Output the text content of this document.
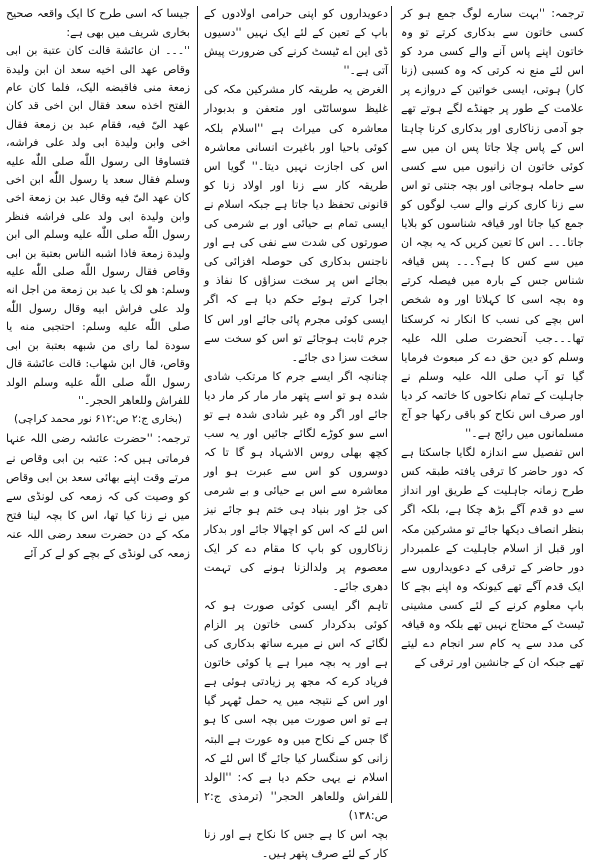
ترجمہ: ''بہت سارے لوگ جمع ہو کر کسی خاتون سے بدکاری کرتے تو وہ خاتون اپنے پاس آنے والے کسی مرد کو اس لئے منع نہ کرتی کہ وہ کسبی (زنا کار) ہوتی، ایسی خواتین کے دروازے پر علامت کے طور پر جھنڈے لگے ہوتے تھے جو آدمی زناکاری اور بدکاری کرنا چاہتا اس کے پاس چلا جاتا پس ان میں سے کوئی خاتون ان زانیوں میں سے کسی سے حاملہ ہوجاتی اور بچہ جنتی تو اس سے زنا کاری کرنے والے سب لوگوں کو جمع کیا جاتا اور قیافہ شناسوں کو بلایا جاتا۔۔۔ اس کا تعین کریں کہ یہ بچہ ان میں سے کس کا ہے؟۔۔۔ پس قیافہ شناس جس کے بارہ میں فیصلہ کرتے وہ بچہ اسی کا کہلاتا اور وہ شخص اس بچے کی نسب کا انکار نہ کرسکتا تھا۔۔۔جب آنحضرت صلی اللہ علیہ وسلم کو دین حق دے کر مبعوث فرمایا گیا تو آپ صلی اللہ علیہ وسلم نے جاہلیت کے تمام نکاحوں کا خاتمہ کر دیا اور صرف اس نکاح کو باقی رکھا جو آج مسلمانوں میں رائج ہے۔''

اس تفصیل سے اندازہ لگایا جاسکتا ہے کہ دور حاضر کا ترقی یافتہ طبقہ کس طرح زمانہ جاہلیت کے طریق اور انداز سے دو قدم آگے بڑھ چکا ہے، بلکہ اگر بنظر انصاف دیکھا جائے تو مشرکین مکہ اور قبل از اسلام جاہلیت کے علمبردار دور حاضر کے ترقی کے دعویداروں سے ایک قدم آگے تھے کیونکہ وہ اپنے بچے کا باپ معلوم کرنے کے لئے کسی مشینی ٹیسٹ کے محتاج نہیں تھے بلکہ وہ قیافہ کی مدد سے یہ کام سر انجام دے لیتے تھے جبکہ ان کے جانشین اور ترقی کے

دعویداروں کو اپنی حرامی اولادوں کے باپ کے تعین کے لئے ایک نہیں ''دسیوں ڈی این اے ٹیسٹ کرنے کی ضرورت پیش آتی ہے۔''

الغرض یہ طریقہ کار مشرکین مکہ کی غلیظ سوسائٹی اور متعفن و بدبودار معاشرہ کی میراث ہے ''اسلام بلکہ کوئی باحیا اور باغیرت انسانی معاشرہ اس کی اجازت نہیں دیتا۔'' گویا اس طریقہ کار سے زنا اور اولاد زنا کو قانونی تحفظ دیا جاتا ہے جبکہ اسلام نے ایسی تمام بے حیائی اور بے شرمی کی صورتوں کی شدت سے نفی کی ہے اور ناجنس بدکاری کی حوصلہ افزائی کی بجائے اس پر سخت سزاؤں کا نفاذ و اجرا کرتے ہوئے حکم دیا ہے کہ اگر ایسی کوئی مجرم پائی جائے اور اس کا جرم ثابت ہوجائے تو اس کو سخت سے سخت سزا دی جائے۔

چنانچہ اگر ایسے جرم کا مرتکب شادی شدہ ہو تو اسے پتھر مار مار کر مار دیا جائے اور اگر وہ غیر شادی شدہ ہے تو اسے سو کوڑے لگائے جائیں اور یہ سب کچھ بھلی روس الاشہاد ہو گا تا کہ دوسروں کو اس سے عبرت ہو اور معاشرہ سے اس بے حیائی و بے شرمی کی جڑ اور بنیاد ہی ختم ہو جائے نیز اس لئے کہ اس کو اچھالا جائے اور بدکار زناکاروں کو باپ کا مقام دے کر ایک معصوم پر ولدالزنا ہونے کی تہمت دھری جائے۔

تاہم اگر ایسی کوئی صورت ہو کہ کوئی بدکردار کسی خاتون پر الزام لگائے کہ اس نے میرے ساتھ بدکاری کی ہے اور یہ بچہ میرا ہے یا کوئی خاتون فریاد کرے کہ مجھ پر زیادتی ہوئی ہے اور اس کے نتیجہ میں یہ حمل ٹھہر گیا ہے تو اس صورت میں بچہ اسی کا ہو گا جس کے نکاح میں وہ عورت ہے البتہ زانی کو سنگسار کیا جائے گا اس لئے کہ اسلام نے یہی حکم دیا ہے کہ: ''الولد للفراش وللعاهر الحجر'' (ترمذی ج:۲ ص:۱۳۸)

بچہ اس کا ہے جس کا نکاح ہے اور زنا کار کے لئے صرف پتھر ہیں۔

جیسا کہ اسی طرح کا ایک واقعہ صحیح بخاری شریف میں بھی ہے:

''۔۔۔ ان عائشة قالت کان عتبة بن ابی وقاص عهد الی اخیه سعد ان ابن ولیدة زمعة منی فاقبضه الیک، فلما کان عام الفتح اخذه سعد فقال ابن اخی قد کان عهد الیّ فیه، فقام عبد بن زمعة فقال اخی وابن ولیدة ابی ولد علی فراشه، فتساوقا الی رسول اللّٰه صلی اللّٰه علیه وسلم فقال سعد یا رسول اللّٰه ابن اخی کان عهد الیّ فیه وقال عبد بن زمعة اخی وابن ولیدة ابی ولد علی فراشه فنظر رسول اللّٰه صلی اللّٰه علیه وسلم الی ابن ولیدة زمعة فاذا اشبه الناس بعتبة بن ابی وقاص فقال رسول اللّٰه صلی اللّٰه علیه وسلم: هو لک یا عبد بن زمعة من اجل انه ولد علی فراش ابیه وقال رسول اللّٰه صلی اللّٰه علیه وسلم: احتجبی منه یا سودة لما رای من شبهه بعتبة بن ابی وقاص، قال ابن شهاب: قالت عائشة قال رسول اللّٰه صلی اللّٰه علیه وسلم الولد للفراش وللعاهر الحجر۔''

(بخاری ج:۲ ص:۶۱۲ نور محمد کراچی)

ترجمہ: ''حضرت عائشہ رضی اللہ عنہا فرماتی ہیں کہ: عتبہ بن ابی وقاص نے مرتے وقت اپنے بھائی سعد بن ابی وقاص کو وصیت کی کہ زمعہ کی لونڈی سے میں نے زنا کیا تھا، اس کا بچہ لینا فتح مکہ کے دن حضرت سعد رضی اللہ عنہ زمعہ کی لونڈی کے بچے کو لے کر آئے
